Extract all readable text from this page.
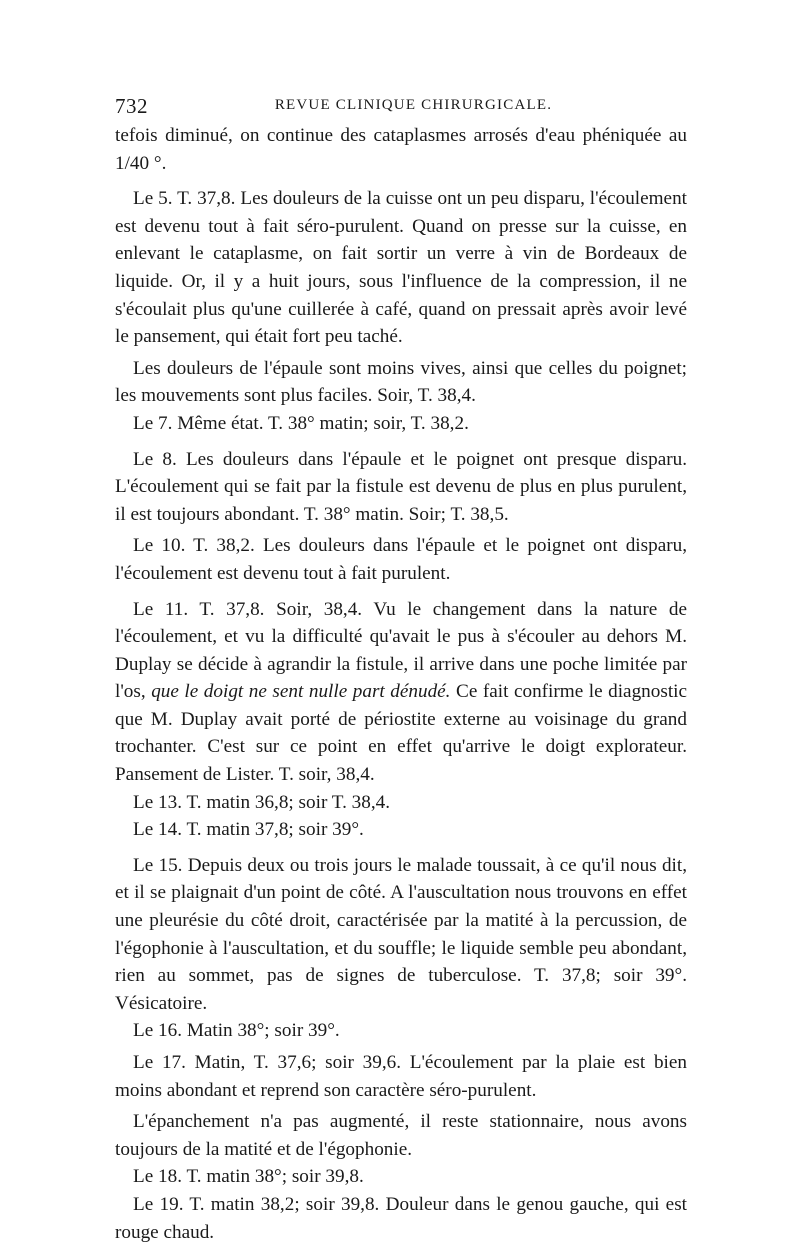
732	REVUE CLINIQUE CHIRURGICALE.

tefois diminué, on continue des cataplasmes arrosés d'eau phéniquée au 1/40 °.

Le 5. T. 37,8. Les douleurs de la cuisse ont un peu disparu, l'écoulement est devenu tout à fait séro-purulent. Quand on presse sur la cuisse, en enlevant le cataplasme, on fait sortir un verre à vin de Bordeaux de liquide. Or, il y a huit jours, sous l'influence de la compression, il ne s'écoulait plus qu'une cuillerée à café, quand on pressait après avoir levé le pansement, qui était fort peu taché.

Les douleurs de l'épaule sont moins vives, ainsi que celles du poignet; les mouvements sont plus faciles. Soir, T. 38,4.

Le 7. Même état. T. 38° matin; soir, T. 38,2.

Le 8. Les douleurs dans l'épaule et le poignet ont presque disparu. L'écoulement qui se fait par la fistule est devenu de plus en plus purulent, il est toujours abondant. T. 38° matin. Soir; T. 38,5.

Le 10. T. 38,2. Les douleurs dans l'épaule et le poignet ont disparu, l'écoulement est devenu tout à fait purulent.

Le 11. T. 37,8. Soir, 38,4. Vu le changement dans la nature de l'écoulement, et vu la difficulté qu'avait le pus à s'écouler au dehors M. Duplay se décide à agrandir la fistule, il arrive dans une poche limitée par l'os, que le doigt ne sent nulle part dénudé. Ce fait confirme le diagnostic que M. Duplay avait porté de périostite externe au voisinage du grand trochanter. C'est sur ce point en effet qu'arrive le doigt explorateur. Pansement de Lister. T. soir, 38,4.

Le 13. T. matin 36,8; soir T. 38,4.

Le 14. T. matin 37,8; soir 39°.

Le 15. Depuis deux ou trois jours le malade toussait, à ce qu'il nous dit, et il se plaignait d'un point de côté. A l'auscultation nous trouvons en effet une pleurésie du côté droit, caractérisée par la matité à la percussion, de l'égophonie à l'auscultation, et du souffle; le liquide semble peu abondant, rien au sommet, pas de signes de tuberculose. T. 37,8; soir 39°. Vésicatoire.

Le 16. Matin 38°; soir 39°.

Le 17. Matin, T. 37,6; soir 39,6. L'écoulement par la plaie est bien moins abondant et reprend son caractère séro-purulent.

L'épanchement n'a pas augmenté, il reste stationnaire, nous avons toujours de la matité et de l'égophonie.

Le 18. T. matin 38°; soir 39,8.

Le 19. T. matin 38,2; soir 39,8. Douleur dans le genou gauche, qui est rouge chaud.
